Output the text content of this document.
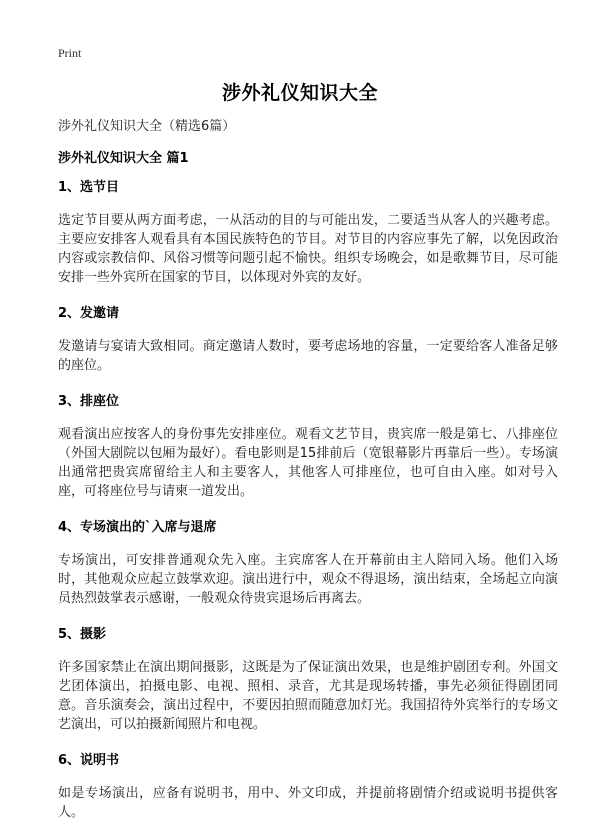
Print
涉外礼仪知识大全
涉外礼仪知识大全（精选6篇）
涉外礼仪知识大全 篇1
1、选节目
选定节目要从两方面考虑，一从活动的目的与可能出发，二要适当从客人的兴趣考虑。主要应安排客人观看具有本国民族特色的节目。对节目的内容应事先了解，以免因政治内容或宗教信仰、风俗习惯等问题引起不愉快。组织专场晚会，如是歌舞节目，尽可能安排一些外宾所在国家的节目，以体现对外宾的友好。
2、发邀请
发邀请与宴请大致相同。商定邀请人数时，要考虑场地的容量，一定要给客人准备足够的座位。
3、排座位
观看演出应按客人的身份事先安排座位。观看文艺节目，贵宾席一般是第七、八排座位（外国大剧院以包厢为最好）。看电影则是15排前后（宽银幕影片再靠后一些）。专场演出通常把贵宾席留给主人和主要客人，其他客人可排座位，也可自由入座。如对号入座，可将座位号与请柬一道发出。
4、专场演出的`入席与退席
专场演出，可安排普通观众先入座。主宾席客人在开幕前由主人陪同入场。他们入场时，其他观众应起立鼓掌欢迎。演出进行中，观众不得退场，演出结束，全场起立向演员热烈鼓掌表示感谢，一般观众待贵宾退场后再离去。
5、摄影
许多国家禁止在演出期间摄影，这既是为了保证演出效果，也是维护剧团专利。外国文艺团体演出，拍摄电影、电视、照相、录音，尤其是现场转播，事先必须征得剧团同意。音乐演奏会，演出过程中，不要因拍照而随意加灯光。我国招待外宾举行的专场文艺演出，可以拍摄新闻照片和电视。
6、说明书
如是专场演出，应备有说明书，用中、外文印成，并提前将剧情介绍或说明书提供客人。
